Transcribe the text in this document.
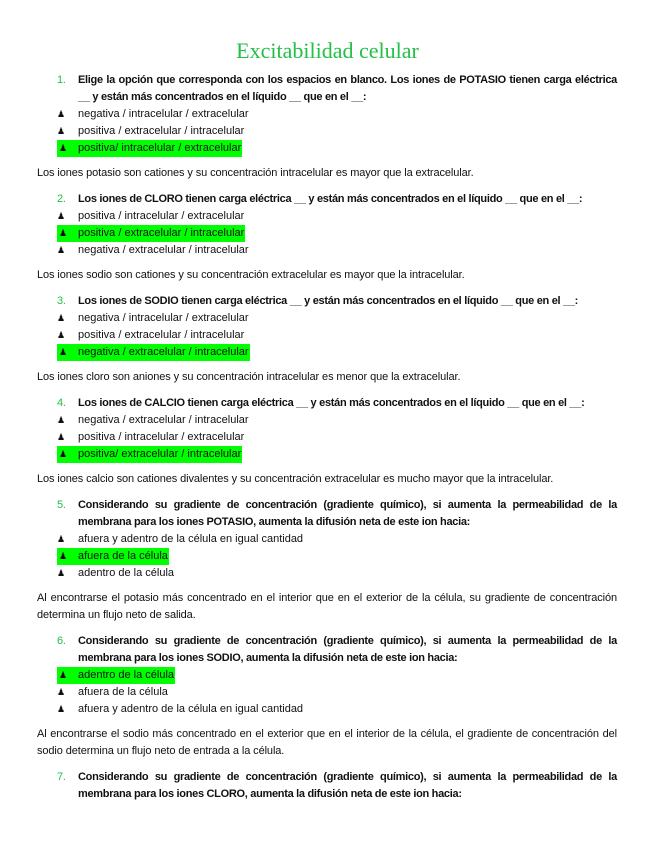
Excitabilidad celular
1. Elige la opción que corresponda con los espacios en blanco. Los iones de POTASIO tienen carga eléctrica __ y están más concentrados en el líquido __ que en el __:
♟ negativa / intracelular / extracelular
♟ positiva / extracelular / intracelular
♟ positiva/ intracelular / extracelular
Los iones potasio son cationes y su concentración intracelular es mayor que la extracelular.
2. Los iones de CLORO tienen carga eléctrica __ y están más concentrados en el líquido __ que en el __:
♟ positiva / intracelular / extracelular
♟ positiva / extracelular / intracelular
♟ negativa / extracelular / intracelular
Los iones sodio son cationes y su concentración extracelular es mayor que la intracelular.
3. Los iones de SODIO tienen carga eléctrica __ y están más concentrados en el líquido __ que en el __:
♟ negativa / intracelular / extracelular
♟ positiva / extracelular / intracelular
♟ negativa / extracelular / intracelular
Los iones cloro son aniones y su concentración intracelular es menor que la extracelular.
4. Los iones de CALCIO tienen carga eléctrica __ y están más concentrados en el líquido __ que en el __:
♟ negativa / extracelular / intracelular
♟ positiva / intracelular / extracelular
♟ positiva/ extracelular / intracelular
Los iones calcio son cationes divalentes y su concentración extracelular es mucho mayor que la intracelular.
5. Considerando su gradiente de concentración (gradiente químico), si aumenta la permeabilidad de la membrana para los iones POTASIO, aumenta la difusión neta de este ion hacia:
♟ afuera y adentro de la célula en igual cantidad
♟ afuera de la célula
♟ adentro de la célula
Al encontrarse el potasio más concentrado en el interior que en el exterior de la célula, su gradiente de concentración determina un flujo neto de salida.
6. Considerando su gradiente de concentración (gradiente químico), si aumenta la permeabilidad de la membrana para los iones SODIO, aumenta la difusión neta de este ion hacia:
♟ adentro de la célula
♟ afuera de la célula
♟ afuera y adentro de la célula en igual cantidad
Al encontrarse el sodio más concentrado en el exterior que en el interior de la célula, el gradiente de concentración del sodio determina un flujo neto de entrada a la célula.
7. Considerando su gradiente de concentración (gradiente químico), si aumenta la permeabilidad de la membrana para los iones CLORO, aumenta la difusión neta de este ion hacia:
